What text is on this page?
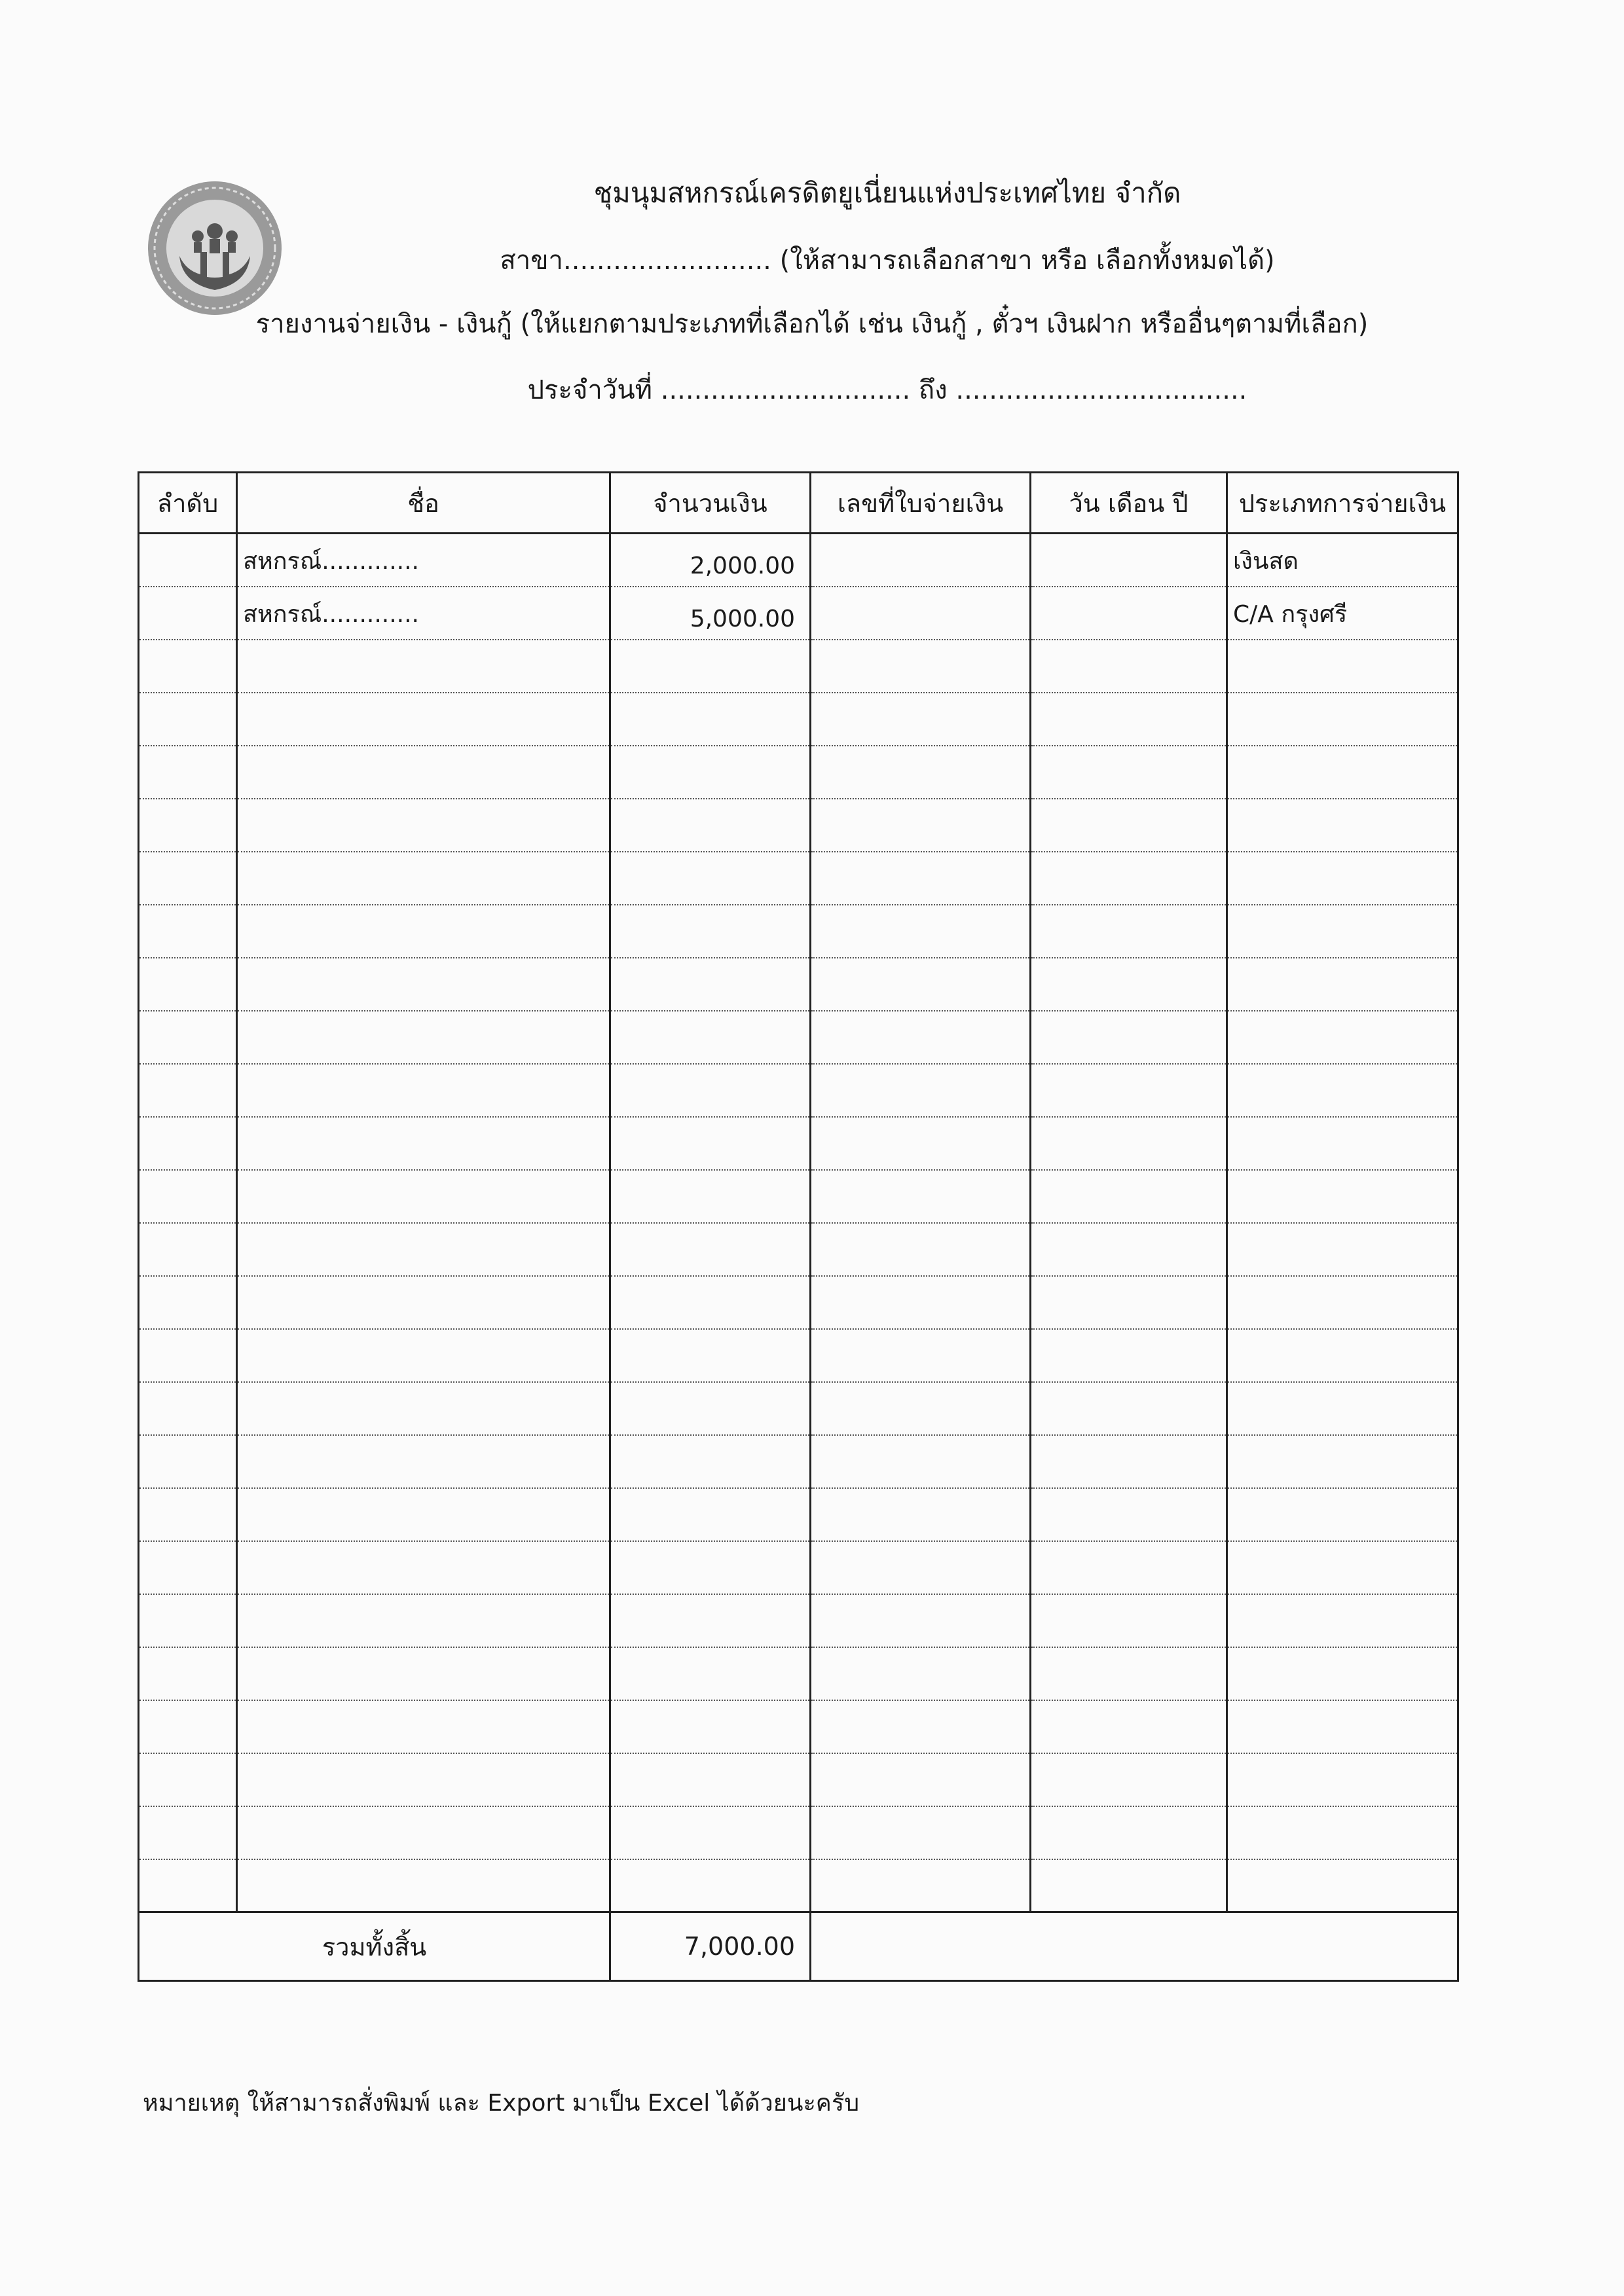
ชุมนุมสหกรณ์เครดิตยูเนี่ยนแห่งประเทศไทย จำกัด
สาขา......................... (ให้สามารถเลือกสาขา หรือ เลือกทั้งหมดได้)
รายงานจ่ายเงิน - เงินกู้ (ให้แยกตามประเภทที่เลือกได้ เช่น เงินกู้ , ตั๋วฯ เงินฝาก หรืออื่นๆตามที่เลือก)
ประจำวันที่ .............................. ถึง ...................................
ลำดับ	ชื่อ	จำนวนเงิน	เลขที่ใบจ่ายเงิน	วัน เดือน ปี	ประเภทการจ่ายเงิน
	สหกรณ์.............	2,000.00			เงินสด
	สหกรณ์.............	5,000.00			C/A กรุงศรี

รวมทั้งสิ้น		7,000.00			
หมายเหตุ ให้สามารถสั่งพิมพ์ และ Export มาเป็น Excel ได้ด้วยนะครับ
